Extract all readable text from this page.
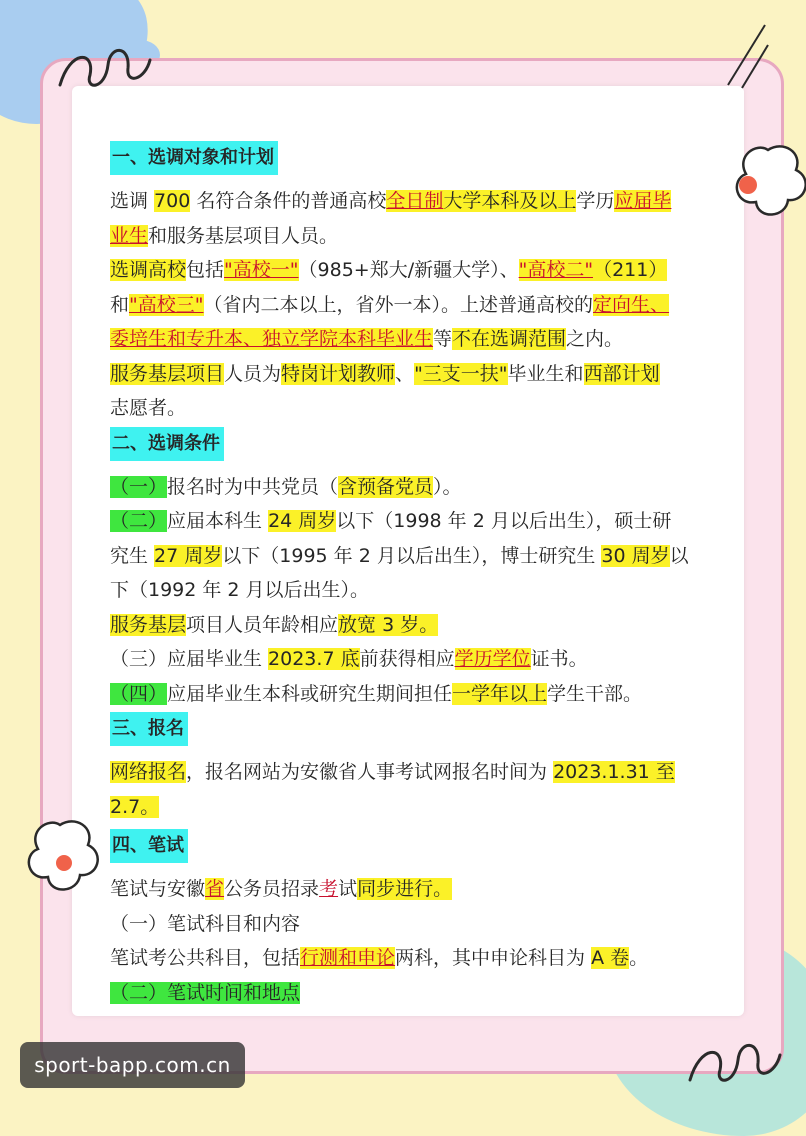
一、选调对象和计划
选调 700 名符合条件的普通高校全日制大学本科及以上学历应届毕
业生和服务基层项目人员。
选调高校包括"高校一"（985+郑大/新疆大学）、"高校二"（211）
和"高校三"（省内二本以上，省外一本）。上述普通高校的定向生、
委培生和专升本、独立学院本科毕业生等不在选调范围之内。
服务基层项目人员为特岗计划教师、"三支一扶"毕业生和西部计划
志愿者。
二、选调条件
（一）报名时为中共党员（含预备党员）。
（二）应届本科生 24 周岁以下（1998 年 2 月以后出生），硕士研
究生 27 周岁以下（1995 年 2 月以后出生），博士研究生 30 周岁以
下（1992 年 2 月以后出生）。
服务基层项目人员年龄相应放宽 3 岁。
（三）应届毕业生 2023.7 底前获得相应学历学位证书。
（四）应届毕业生本科或研究生期间担任一学年以上学生干部。
三、报名
网络报名，报名网站为安徽省人事考试网报名时间为 2023.1.31 至
2.7。
四、笔试
笔试与安徽省公务员招录考试同步进行。
（一）笔试科目和内容
笔试考公共科目，包括行测和申论两科，其中申论科目为 A 卷。
（二）笔试时间和地点
sport-bapp.com.cn
